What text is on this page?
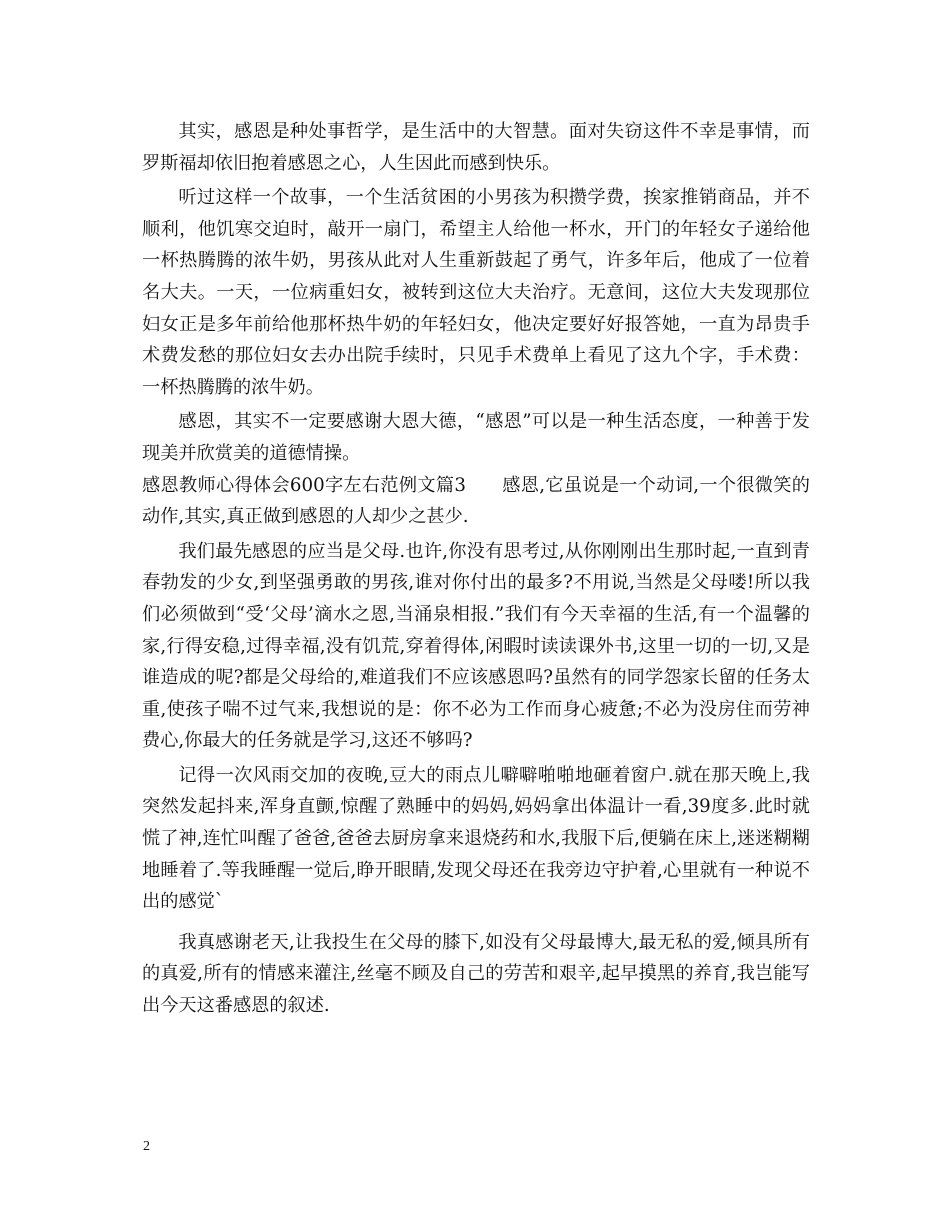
其实，感恩是种处事哲学，是生活中的大智慧。面对失窃这件不幸是事情，而罗斯福却依旧抱着感恩之心，人生因此而感到快乐。

听过这样一个故事，一个生活贫困的小男孩为积攒学费，挨家推销商品，并不顺利，他饥寒交迫时，敲开一扇门，希望主人给他一杯水，开门的年轻女子递给他一杯热腾腾的浓牛奶，男孩从此对人生重新鼓起了勇气，许多年后，他成了一位着名大夫。一天，一位病重妇女，被转到这位大夫治疗。无意间，这位大夫发现那位妇女正是多年前给他那杯热牛奶的年轻妇女，他决定要好好报答她，一直为昂贵手术费发愁的那位妇女去办出院手续时，只见手术费单上看见了这九个字，手术费：一杯热腾腾的浓牛奶。

感恩，其实不一定要感谢大恩大德，“感恩”可以是一种生活态度，一种善于发现美并欣赏美的道德情操。

感恩教师心得体会600字左右范例文篇3 感恩,它虽说是一个动词,一个很微笑的动作,其实,真正做到感恩的人却少之甚少.

我们最先感恩的应当是父母.也许,你没有思考过,从你刚刚出生那时起,一直到青春勃发的少女,到坚强勇敢的男孩,谁对你付出的最多?不用说,当然是父母喽!所以我们必须做到“受‘父母’滴水之恩,当涌泉相报.”我们有今天幸福的生活,有一个温馨的家,行得安稳,过得幸福,没有饥荒,穿着得体,闲暇时读读课外书,这里一切的一切,又是谁造成的呢?都是父母给的,难道我们不应该感恩吗?虽然有的同学怨家长留的任务太重,使孩子喘不过气来,我想说的是：你不必为工作而身心疲惫;不必为没房住而劳神费心,你最大的任务就是学习,这还不够吗?

记得一次风雨交加的夜晚,豆大的雨点儿噼噼啪啪地砸着窗户.就在那天晚上,我突然发起抖来,浑身直颤,惊醒了熟睡中的妈妈,妈妈拿出体温计一看,39度多.此时就慌了神,连忙叫醒了爸爸,爸爸去厨房拿来退烧药和水,我服下后,便躺在床上,迷迷糊糊地睡着了.等我睡醒一觉后,睁开眼睛,发现父母还在我旁边守护着,心里就有一种说不出的感觉`

我真感谢老天,让我投生在父母的膝下,如没有父母最博大,最无私的爱,倾具所有的真爱,所有的情感来灌注,丝毫不顾及自己的劳苦和艰辛,起早摸黑的养育,我岂能写出今天这番感恩的叙述.

2
